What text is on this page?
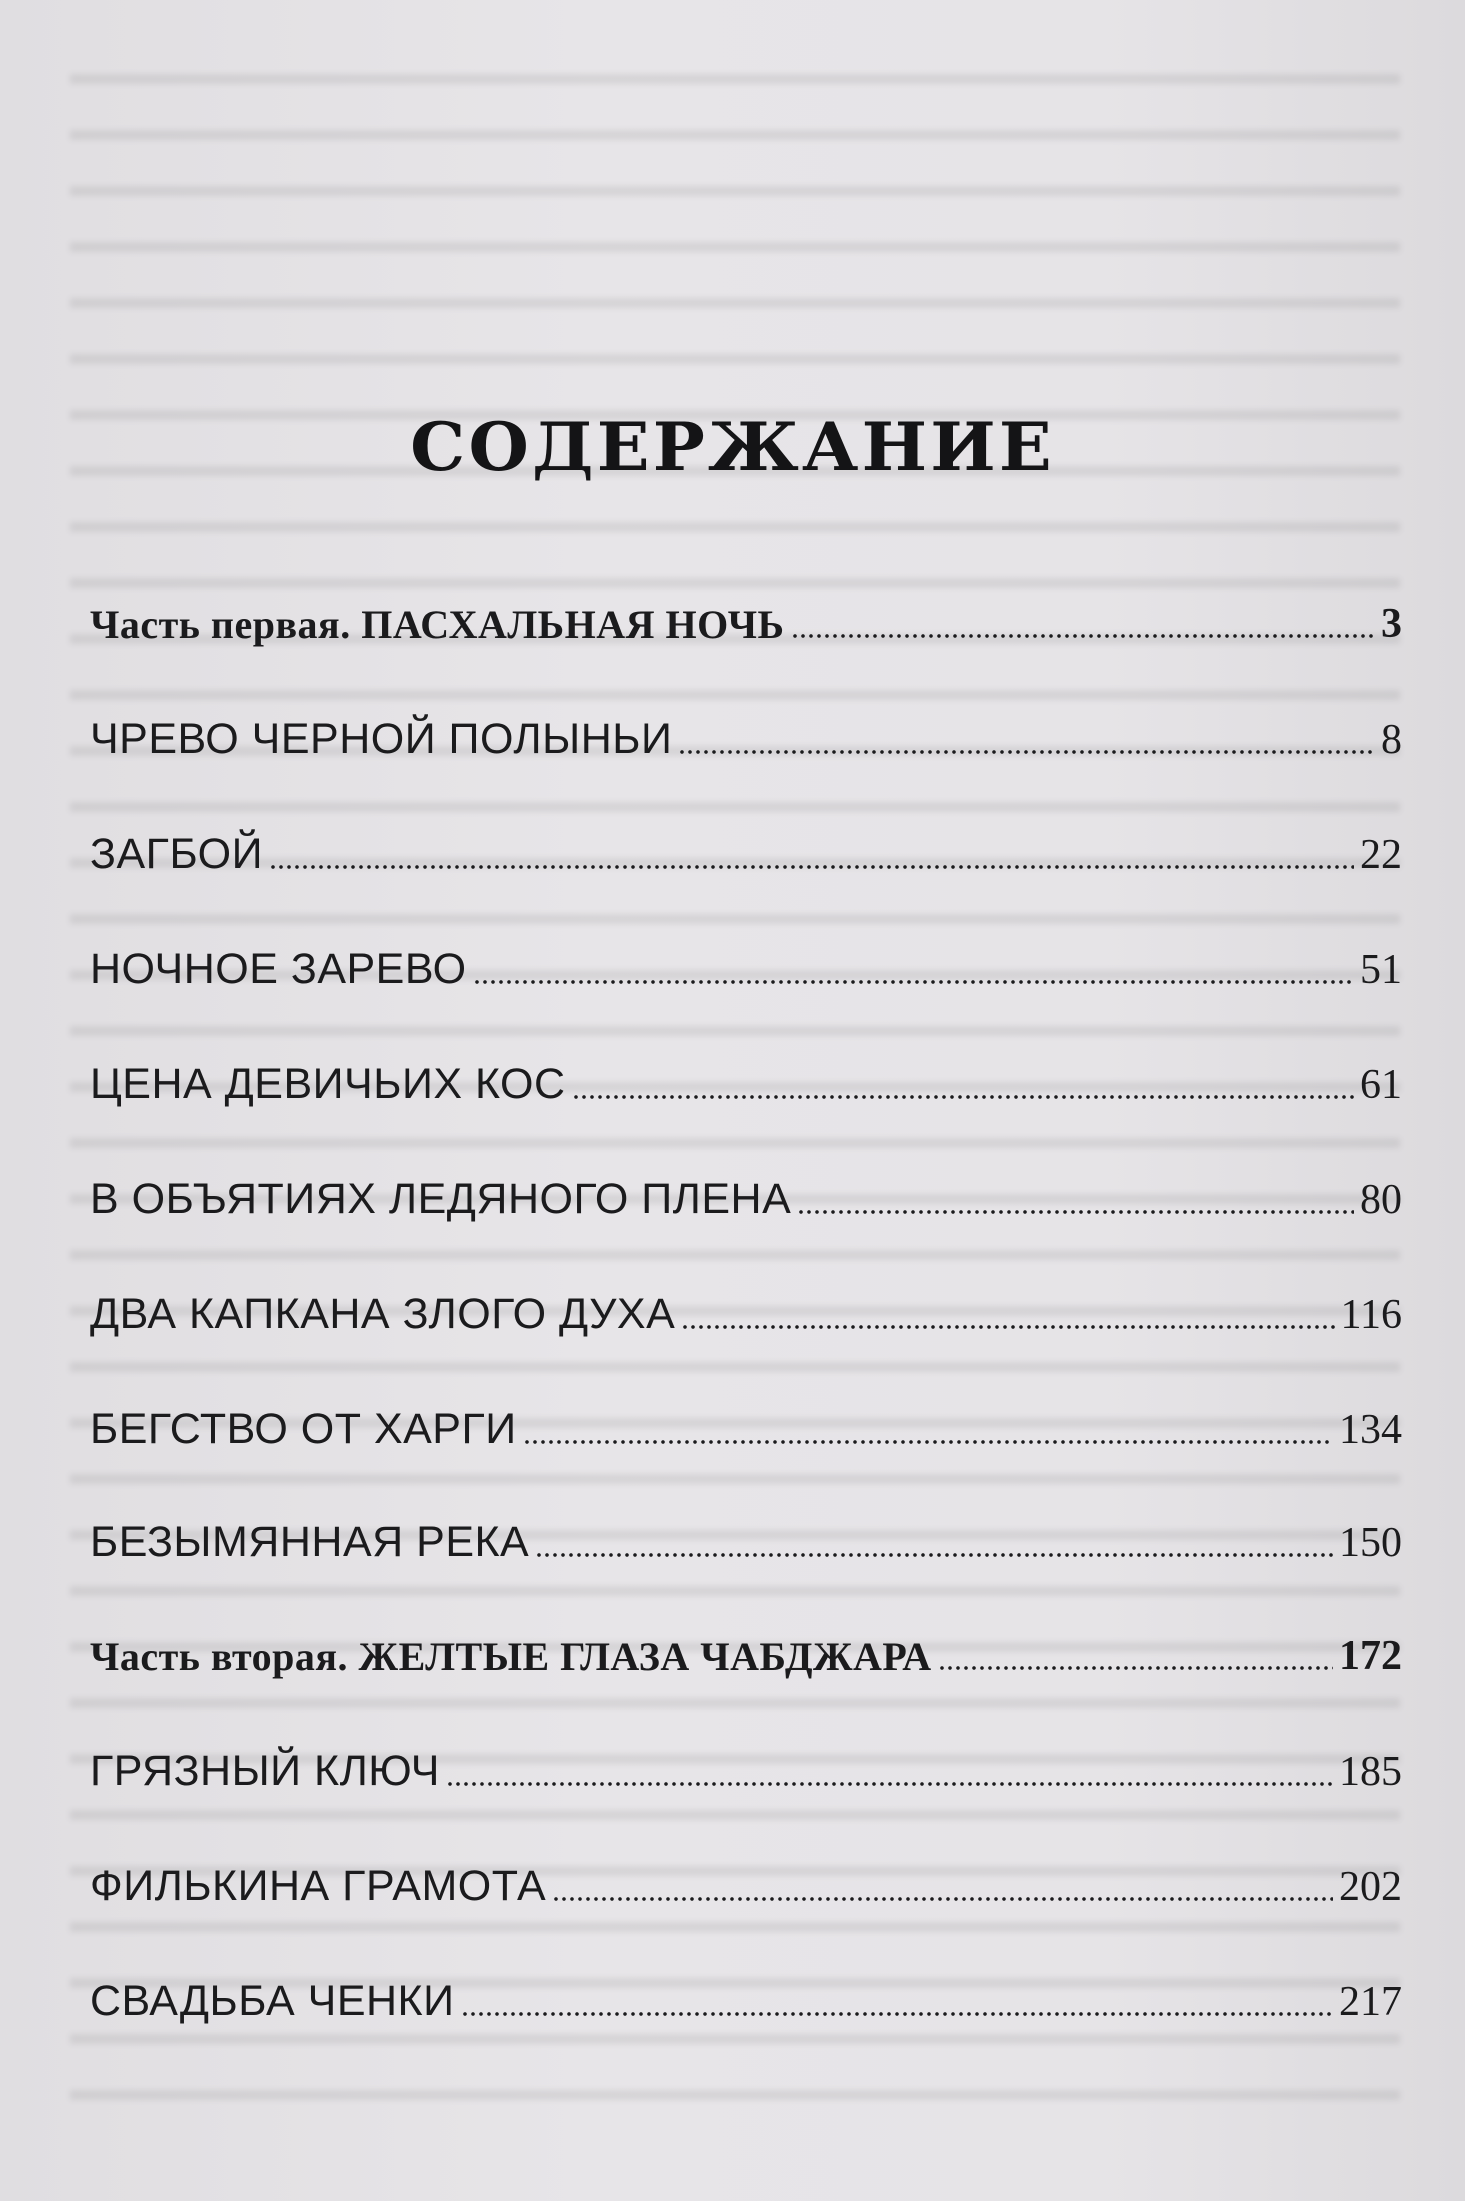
СОДЕРЖАНИЕ
Часть первая. ПАСХАЛЬНАЯ НОЧЬ	3
ЧРЕВО ЧЕРНОЙ ПОЛЫНЬИ	8
ЗАГБОЙ	22
НОЧНОЕ ЗАРЕВО	51
ЦЕНА ДЕВИЧЬИХ КОС	61
В ОБЪЯТИЯХ ЛЕДЯНОГО ПЛЕНА	80
ДВА КАПКАНА ЗЛОГО ДУХА	116
БЕГСТВО ОТ ХАРГИ	134
БЕЗЫМЯННАЯ РЕКА	150
Часть вторая. ЖЕЛТЫЕ ГЛАЗА ЧАБДЖАРА	172
ГРЯЗНЫЙ КЛЮЧ	185
ФИЛЬКИНА ГРАМОТА	202
СВАДЬБА ЧЕНКИ	217
